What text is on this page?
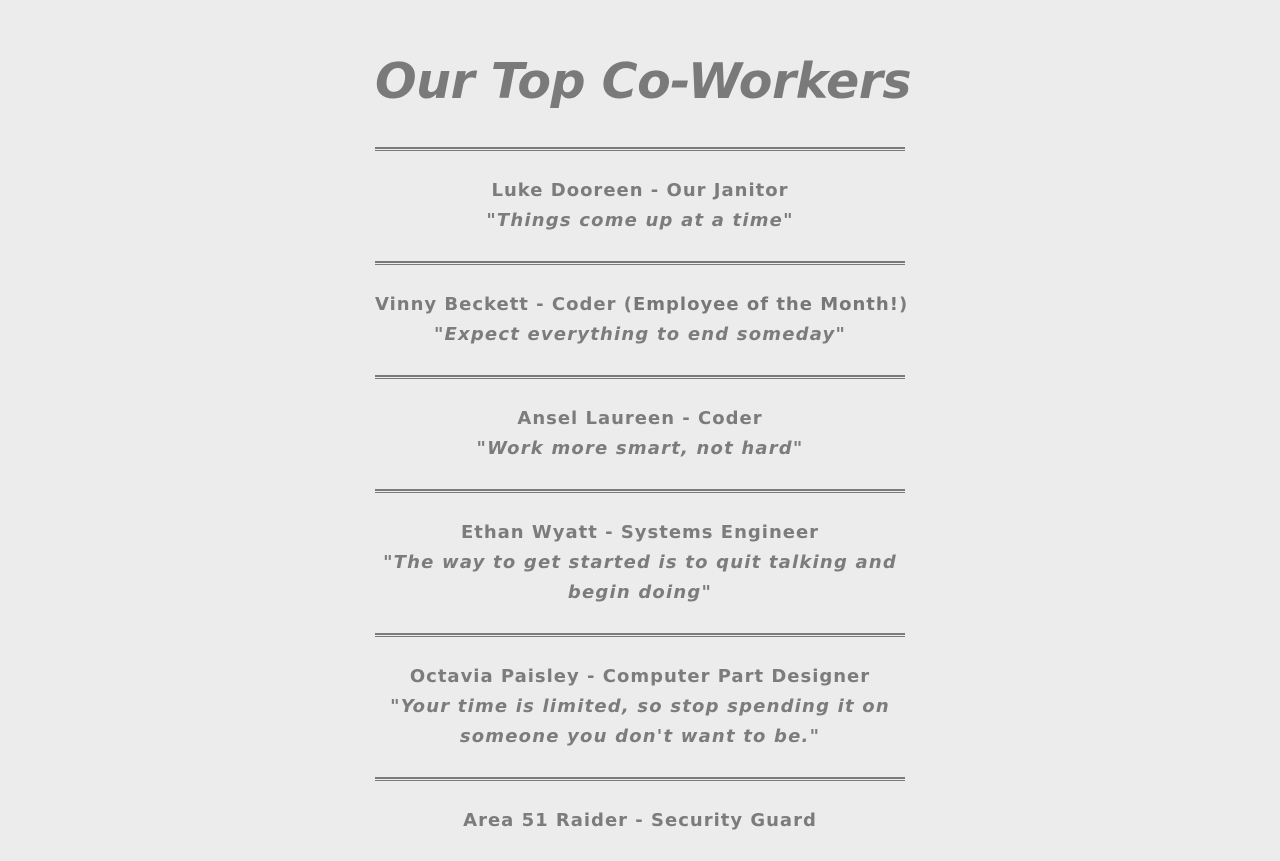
Our Top Co-Workers
Luke Dooreen - Our Janitor
"Things come up at a time"
Vinny Beckett - Coder (Employee of the Month!)
"Expect everything to end someday"
Ansel Laureen - Coder
"Work more smart, not hard"
Ethan Wyatt - Systems Engineer
"The way to get started is to quit talking and begin doing"
Octavia Paisley - Computer Part Designer
"Your time is limited, so stop spending it on someone you don't want to be."
Area 51 Raider - Security Guard
